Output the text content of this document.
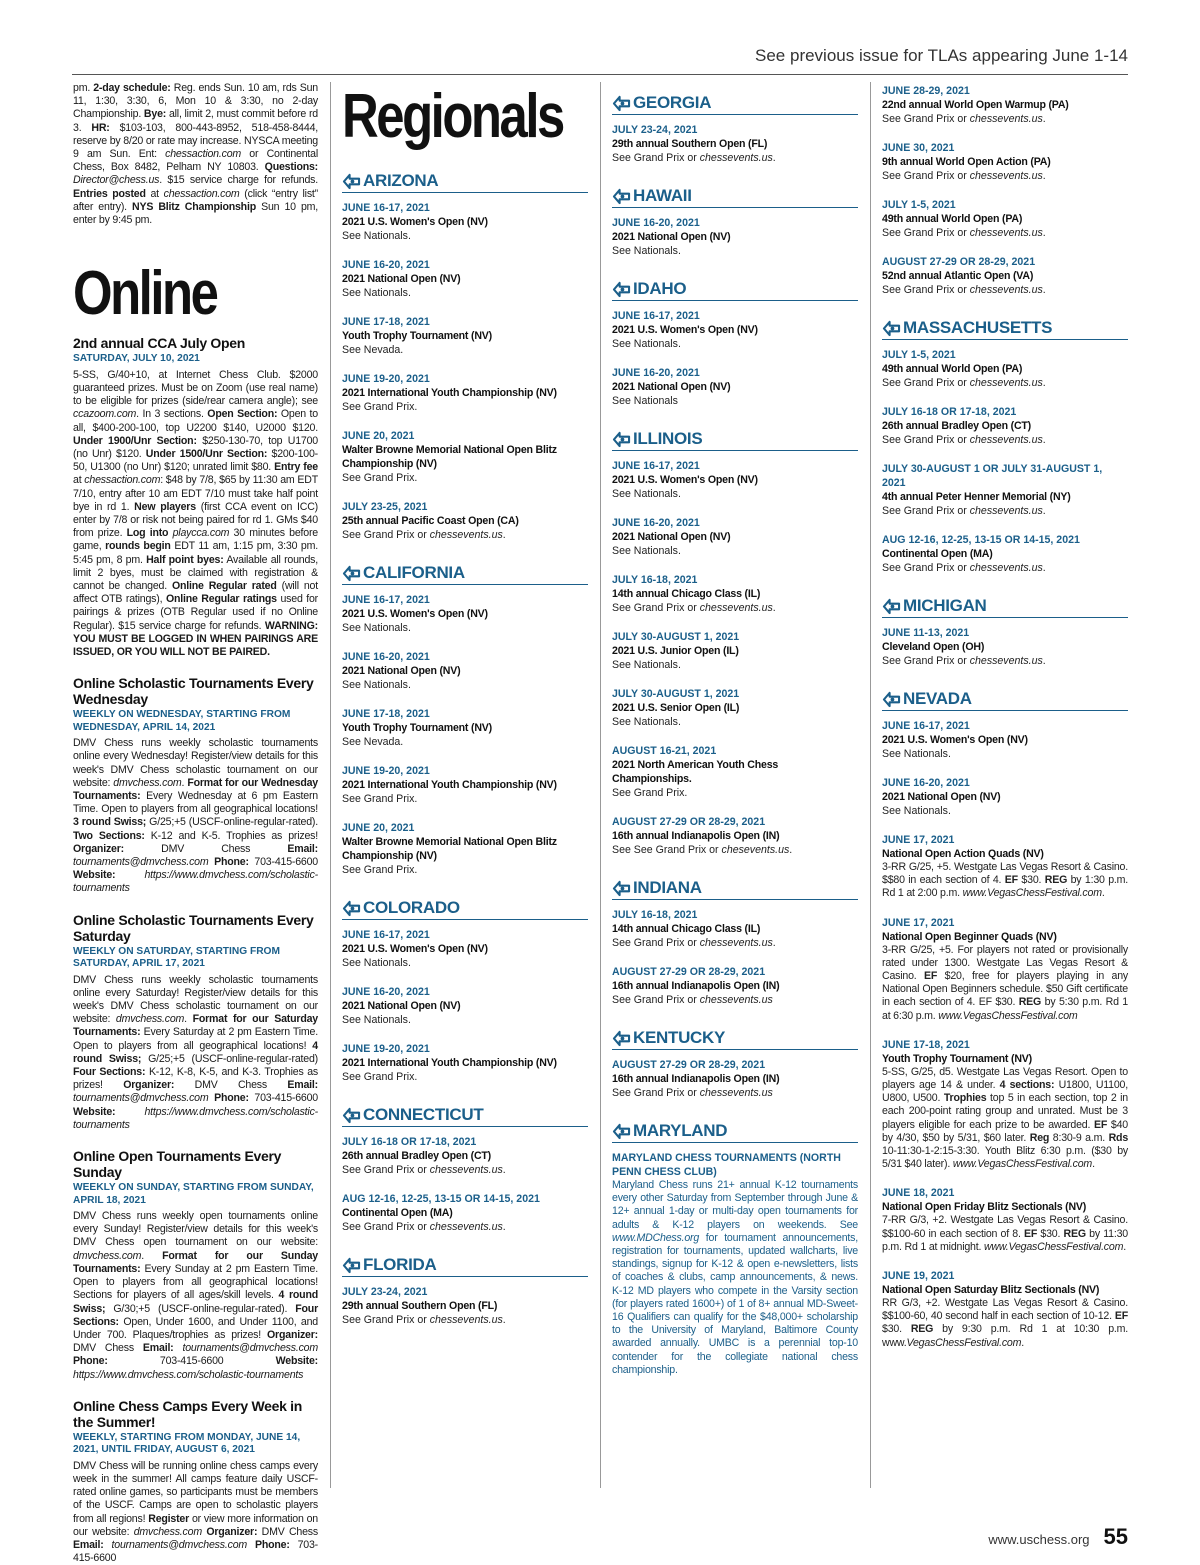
See previous issue for TLAs appearing June 1-14
pm. 2-day schedule: Reg. ends Sun. 10 am, rds Sun 11, 1:30, 3:30, 6, Mon 10 & 3:30, no 2-day Championship. Bye: all, limit 2, must commit before rd 3. HR: $103-103, 800-443-8952, 518-458-8444, reserve by 8/20 or rate may increase. NYSCA meeting 9 am Sun. Ent: chessaction.com or Continental Chess, Box 8482, Pelham NY 10803. Questions: Director@chess.us. $15 service charge for refunds. Entries posted at chessaction.com (click “entry list” after entry). NYS Blitz Championship Sun 10 pm, enter by 9:45 pm.
Online
2nd annual CCA July Open
SATURDAY, JULY 10, 2021
5-SS, G/40+10, at Internet Chess Club. $2000 guaranteed prizes. Must be on Zoom (use real name) to be eligible for prizes (side/rear camera angle); see ccazoom.com. In 3 sections. Open Section: Open to all, $400-200-100, top U2200 $140, U2000 $120. Under 1900/Unr Section: $250-130-70, top U1700 (no Unr) $120. Under 1500/Unr Section: $200-100-50, U1300 (no Unr) $120; unrated limit $80. Entry fee at chessaction.com: $48 by 7/8, $65 by 11:30 am EDT 7/10, entry after 10 am EDT 7/10 must take half point bye in rd 1. New players (first CCA event on ICC) enter by 7/8 or risk not being paired for rd 1. GMs $40 from prize. Log into playcca.com 30 minutes before game, rounds begin EDT 11 am, 1:15 pm, 3:30 pm. 5:45 pm, 8 pm. Half point byes: Available all rounds, limit 2 byes, must be claimed with registration & cannot be changed. Online Regular rated (will not affect OTB ratings), Online Regular ratings used for pairings & prizes (OTB Regular used if no Online Regular). $15 service charge for refunds. WARNING: YOU MUST BE LOGGED IN WHEN PAIRINGS ARE ISSUED, OR YOU WILL NOT BE PAIRED.
Online Scholastic Tournaments Every Wednesday
WEEKLY ON WEDNESDAY, STARTING FROM WEDNESDAY, APRIL 14, 2021
DMV Chess runs weekly scholastic tournaments online every Wednesday! Register/view details for this week's DMV Chess scholastic tournament on our website: dmvchess.com. Format for our Wednesday Tournaments: Every Wednesday at 6 pm Eastern Time. Open to players from all geographical locations! 3 round Swiss; G/25;+5 (USCF-online-regular-rated). Two Sections: K-12 and K-5. Trophies as prizes! Organizer: DMV Chess Email: tournaments@dmvchess.com Phone: 703-415-6600 Website:	https://www.dmvchess.com/scholastic-tournaments
Online Scholastic Tournaments Every Saturday
WEEKLY ON SATURDAY, STARTING FROM SATURDAY, APRIL 17, 2021
DMV Chess runs weekly scholastic tournaments online every Saturday! Register/view details for this week's DMV Chess scholastic tournament on our website: dmvchess.com. Format for our Saturday Tournaments: Every Saturday at 2 pm Eastern Time. Open to players from all geographical locations! 4 round Swiss; G/25;+5 (USCF-online-regular-rated) Four Sections: K-12, K-8, K-5, and K-3. Trophies as prizes! Organizer: DMV Chess Email: tournaments@dmvchess.com Phone: 703-415-6600 Website:	https://www.dmvchess.com/scholastic-tournaments
Online Open Tournaments Every Sunday
WEEKLY ON SUNDAY, STARTING FROM SUNDAY, APRIL 18, 2021
DMV Chess runs weekly open tournaments online every Sunday! Register/view details for this week's DMV Chess open tournament on our website: dmvchess.com. Format for our Sunday Tournaments: Every Sunday at 2 pm Eastern Time. Open to players from all geographical locations! Sections for players of all ages/skill levels. 4 round Swiss; G/30;+5 (USCF-online-regular-rated). Four Sections: Open, Under 1600, and Under 1100, and Under 700. Plaques/trophies as prizes! Organizer: DMV Chess Email: tournaments@dmvchess.com Phone: 703-415-6600 Website: https://www.dmvchess.com/scholastic-tournaments
Online Chess Camps Every Week in the Summer!
WEEKLY, STARTING FROM MONDAY, JUNE 14, 2021, UNTIL FRIDAY, AUGUST 6, 2021
DMV Chess will be running online chess camps every week in the summer! All camps feature daily USCF-rated online games, so participants must be members of the USCF. Camps are open to scholastic players from all regions! Register or view more information on our website: dmvchess.com Organizer: DMV Chess Email: tournaments@dmvchess.com Phone: 703-415-6600
Regionals
ARIZONA
JUNE 16-17, 2021
2021 U.S. Women's Open (NV)
See Nationals.
JUNE 16-20, 2021
2021 National Open (NV)
See Nationals.
JUNE 17-18, 2021
Youth Trophy Tournament (NV)
See Nevada.
JUNE 19-20, 2021
2021 International Youth Championship (NV)
See Grand Prix.
JUNE 20, 2021
Walter Browne Memorial National Open Blitz Championship (NV)
See Grand Prix.
JULY 23-25, 2021
25th annual Pacific Coast Open (CA)
See Grand Prix or chessevents.us.
CALIFORNIA
JUNE 16-17, 2021
2021 U.S. Women's Open (NV)
See Nationals.
JUNE 16-20, 2021
2021 National Open (NV)
See Nationals.
JUNE 17-18, 2021
Youth Trophy Tournament (NV)
See Nevada.
JUNE 19-20, 2021
2021 International Youth Championship (NV)
See Grand Prix.
JUNE 20, 2021
Walter Browne Memorial National Open Blitz Championship (NV)
See Grand Prix.
COLORADO
JUNE 16-17, 2021
2021 U.S. Women's Open (NV)
See Nationals.
JUNE 16-20, 2021
2021 National Open (NV)
See Nationals.
JUNE 19-20, 2021
2021 International Youth Championship (NV)
See Grand Prix.
CONNECTICUT
JULY 16-18 OR 17-18, 2021
26th annual Bradley Open (CT)
See Grand Prix or chessevents.us.
AUG 12-16, 12-25, 13-15 OR 14-15, 2021
Continental Open (MA)
See Grand Prix or chessevents.us.
FLORIDA
JULY 23-24, 2021
29th annual Southern Open (FL)
See Grand Prix or chessevents.us.
GEORGIA
JULY 23-24, 2021
29th annual Southern Open (FL)
See Grand Prix or chessevents.us.
HAWAII
JUNE 16-20, 2021
2021 National Open (NV)
See Nationals.
IDAHO
JUNE 16-17, 2021
2021 U.S. Women's Open (NV)
See Nationals.
JUNE 16-20, 2021
2021 National Open (NV)
See Nationals
ILLINOIS
JUNE 16-17, 2021
2021 U.S. Women's Open (NV)
See Nationals.
JUNE 16-20, 2021
2021 National Open (NV)
See Nationals.
JULY 16-18, 2021
14th annual Chicago Class (IL)
See Grand Prix or chessevents.us.
JULY 30-AUGUST 1, 2021
2021 U.S. Junior Open (IL)
See Nationals.
JULY 30-AUGUST 1, 2021
2021 U.S. Senior Open (IL)
See Nationals.
AUGUST 16-21, 2021
2021 North American Youth Chess Championships.
See Grand Prix.
AUGUST 27-29 OR 28-29, 2021
16th annual Indianapolis Open (IN)
See See Grand Prix or chesevents.us.
INDIANA
JULY 16-18, 2021
14th annual Chicago Class (IL)
See Grand Prix or chessevents.us.
AUGUST 27-29 OR 28-29, 2021
16th annual Indianapolis Open (IN)
See Grand Prix or chessevents.us
KENTUCKY
AUGUST 27-29 OR 28-29, 2021
16th annual Indianapolis Open (IN)
See Grand Prix or chessevents.us
MARYLAND
MARYLAND CHESS TOURNAMENTS (NORTH PENN CHESS CLUB)
Maryland Chess runs 21+ annual K-12 tournaments every other Saturday from September through June & 12+ annual 1-day or multi-day open tournaments for adults & K-12 players on weekends. See www.MDChess.org for tournament announcements, registration for tournaments, updated wallcharts, live standings, signup for K-12 & open e-newsletters, lists of coaches & clubs, camp announcements, & news. K-12 MD players who compete in the Varsity section (for players rated 1600+) of 1 of 8+ annual MD-Sweet-16 Qualifiers can qualify for the $48,000+ scholarship to the University of Maryland, Baltimore County awarded annually. UMBC is a perennial top-10 contender for the collegiate national chess championship.
JUNE 28-29, 2021
22nd annual World Open Warmup (PA)
See Grand Prix or chessevents.us.
JUNE 30, 2021
9th annual World Open Action (PA)
See Grand Prix or chessevents.us.
JULY 1-5, 2021
49th annual World Open (PA)
See Grand Prix or chessevents.us.
AUGUST 27-29 OR 28-29, 2021
52nd annual Atlantic Open (VA)
See Grand Prix or chessevents.us.
MASSACHUSETTS
JULY 1-5, 2021
49th annual World Open (PA)
See Grand Prix or chessevents.us.
JULY 16-18 OR 17-18, 2021
26th annual Bradley Open (CT)
See Grand Prix or chessevents.us.
JULY 30-AUGUST 1 OR JULY 31-AUGUST 1, 2021
4th annual Peter Henner Memorial (NY)
See Grand Prix or chessevents.us.
AUG 12-16, 12-25, 13-15 OR 14-15, 2021
Continental Open (MA)
See Grand Prix or chessevents.us.
MICHIGAN
JUNE 11-13, 2021
Cleveland Open (OH)
See Grand Prix or chessevents.us.
NEVADA
JUNE 16-17, 2021
2021 U.S. Women's Open (NV)
See Nationals.
JUNE 16-20, 2021
2021 National Open (NV)
See Nationals.
JUNE 17, 2021
National Open Action Quads (NV)
3-RR G/25, +5. Westgate Las Vegas Resort & Casino. $$80 in each section of 4. EF $30. REG by 1:30 p.m. Rd 1 at 2:00 p.m. www.VegasChessFestival.com.
JUNE 17, 2021
National Open Beginner Quads (NV)
3-RR G/25, +5. For players not rated or provisionally rated under 1300. Westgate Las Vegas Resort & Casino. EF $20, free for players playing in any National Open Beginners schedule. $50 Gift certificate in each section of 4. EF $30. REG by 5:30 p.m. Rd 1 at 6:30 p.m. www.VegasChessFestival.com
JUNE 17-18, 2021
Youth Trophy Tournament (NV)
5-SS, G/25, d5. Westgate Las Vegas Resort. Open to players age 14 & under. 4 sections: U1800, U1100, U800, U500. Trophies top 5 in each section, top 2 in each 200-point rating group and unrated. Must be 3 players eligible for each prize to be awarded. EF $40 by 4/30, $50 by 5/31, $60 later. Reg 8:30-9 a.m. Rds 10-11:30-1-2:15-3:30. Youth Blitz 6:30 p.m. ($30 by 5/31 $40 later). www.VegasChessFestival.com.
JUNE 18, 2021
National Open Friday Blitz Sectionals (NV)
7-RR G/3, +2. Westgate Las Vegas Resort & Casino. $$100-60 in each section of 8. EF $30. REG by 11:30 p.m. Rd 1 at midnight. www.VegasChessFestival.com.
JUNE 19, 2021
National Open Saturday Blitz Sectionals (NV)
RR G/3, +2. Westgate Las Vegas Resort & Casino. $$100-60, 40 second half in each section of 10-12. EF $30. REG by 9:30 p.m. Rd 1 at 10:30 p.m. www.VegasChessFestival.com.
www.uschess.org 55
